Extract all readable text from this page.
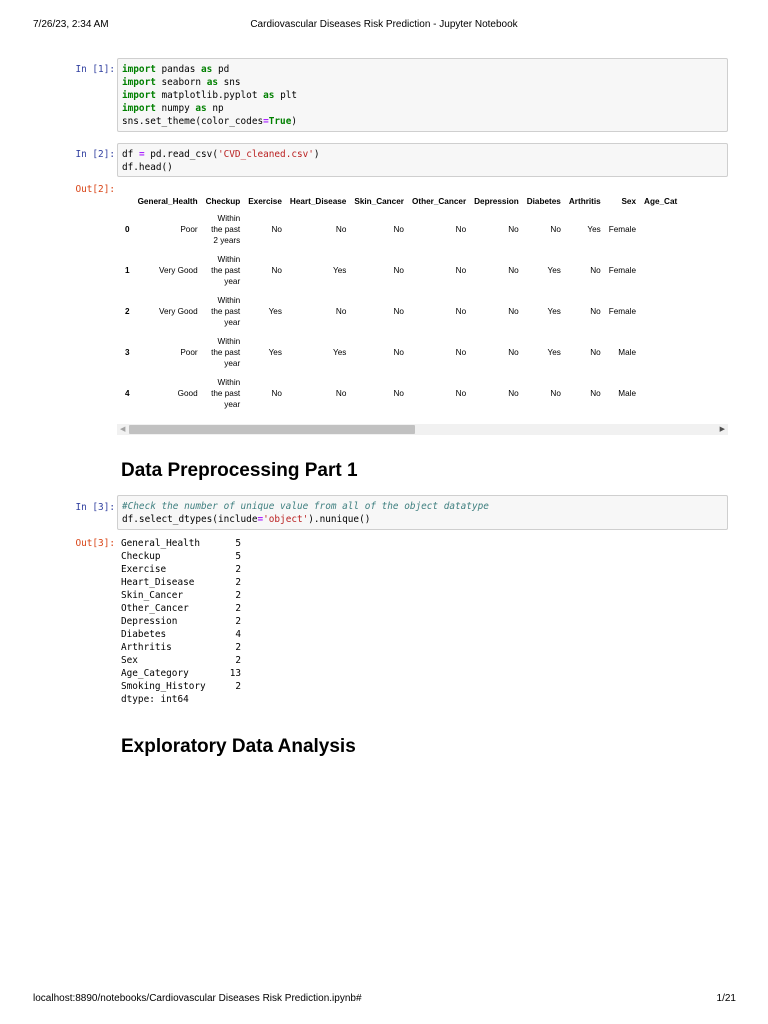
7/26/23, 2:34 AM	Cardiovascular Diseases Risk Prediction - Jupyter Notebook
In [1]: import pandas as pd
import seaborn as sns
import matplotlib.pyplot as plt
import numpy as np
sns.set_theme(color_codes=True)
In [2]: df = pd.read_csv('CVD_cleaned.csv')
df.head()
Out[2]:
	General_Health	Checkup	Exercise	Heart_Disease	Skin_Cancer	Other_Cancer	Depression	Diabetes	Arthritis	Sex	Age_Cat
0	Poor	Within
the past
2 years	No	No	No	No	No	No	Yes	Female	
1	Very Good	Within
the past
year	No	Yes	No	No	No	Yes	No	Female	
2	Very Good	Within
the past
year	Yes	No	No	No	No	Yes	No	Female	
3	Poor	Within
the past
year	Yes	Yes	No	No	No	Yes	No	Male	
4	Good	Within
the past
year	No	No	No	No	No	No	No	Male	
◀	▶
Data Preprocessing Part 1
In [3]: #Check the number of unique value from all of the object datatype
df.select_dtypes(include='object').nunique()
Out[3]: General_Health	5
Checkup	5
Exercise	2
Heart_Disease	2
Skin_Cancer	2
Other_Cancer	2
Depression	2
Diabetes	4
Arthritis	2
Sex	2
Age_Category	13
Smoking_History	2
dtype: int64
Exploratory Data Analysis
localhost:8890/notebooks/Cardiovascular Diseases Risk Prediction.ipynb#	1/21
